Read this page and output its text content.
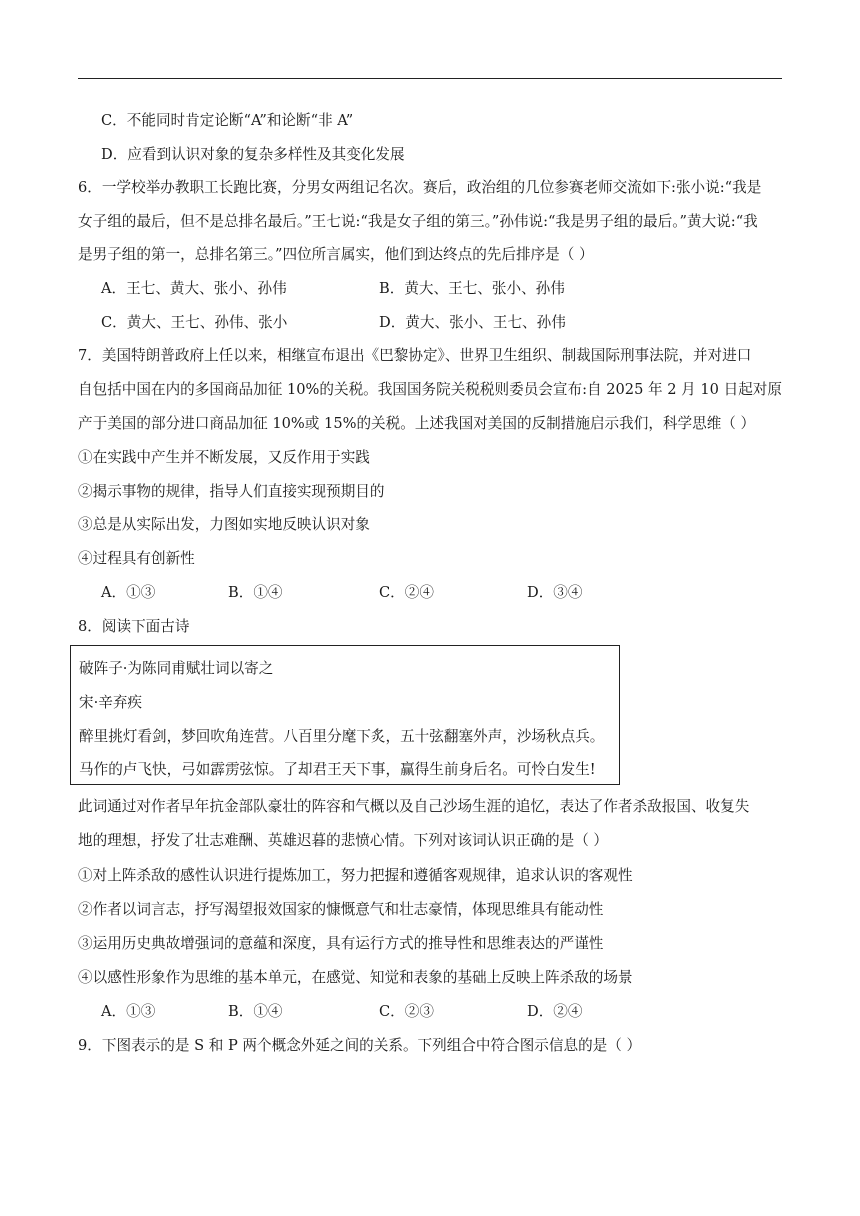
C．不能同时肯定论断“A”和论断“非 A”
D．应看到认识对象的复杂多样性及其变化发展
6．一学校举办教职工长跑比赛，分男女两组记名次。赛后，政治组的几位参赛老师交流如下:张小说:“我是
女子组的最后，但不是总排名最后。”王七说:“我是女子组的第三。”孙伟说:“我是男子组的最后。”黄大说:“我
是男子组的第一，总排名第三。”四位所言属实，他们到达终点的先后排序是（ ）
A．王七、黄大、张小、孙伟	B．黄大、王七、张小、孙伟
C．黄大、王七、孙伟、张小	D．黄大、张小、王七、孙伟
7．美国特朗普政府上任以来，相继宣布退出《巴黎协定》、世界卫生组织、制裁国际刑事法院，并对进口
自包括中国在内的多国商品加征 10%的关税。我国国务院关税税则委员会宣布:自 2025 年 2 月 10 日起对原
产于美国的部分进口商品加征 10%或 15%的关税。上述我国对美国的反制措施启示我们，科学思维（ ）
①在实践中产生并不断发展，又反作用于实践
②揭示事物的规律，指导人们直接实现预期目的
③总是从实际出发，力图如实地反映认识对象
④过程具有创新性
A．①③	B．①④	C．②④	D．③④
8．阅读下面古诗
破阵子·为陈同甫赋壮词以寄之
宋·辛弃疾
醉里挑灯看剑，梦回吹角连营。八百里分麾下炙，五十弦翻塞外声，沙场秋点兵。
马作的卢飞快，弓如霹雳弦惊。了却君王天下事，赢得生前身后名。可怜白发生!
此词通过对作者早年抗金部队豪壮的阵容和气概以及自己沙场生涯的追忆，表达了作者杀敌报国、收复失
地的理想，抒发了壮志难酬、英雄迟暮的悲愤心情。下列对该词认识正确的是（ ）
①对上阵杀敌的感性认识进行提炼加工，努力把握和遵循客观规律，追求认识的客观性
②作者以词言志，抒写渴望报效国家的慷慨意气和壮志豪情，体现思维具有能动性
③运用历史典故增强词的意蕴和深度，具有运行方式的推导性和思维表达的严谨性
④以感性形象作为思维的基本单元，在感觉、知觉和表象的基础上反映上阵杀敌的场景
A．①③	B．①④	C．②③	D．②④
9．下图表示的是 S 和 P 两个概念外延之间的关系。下列组合中符合图示信息的是（ ）
